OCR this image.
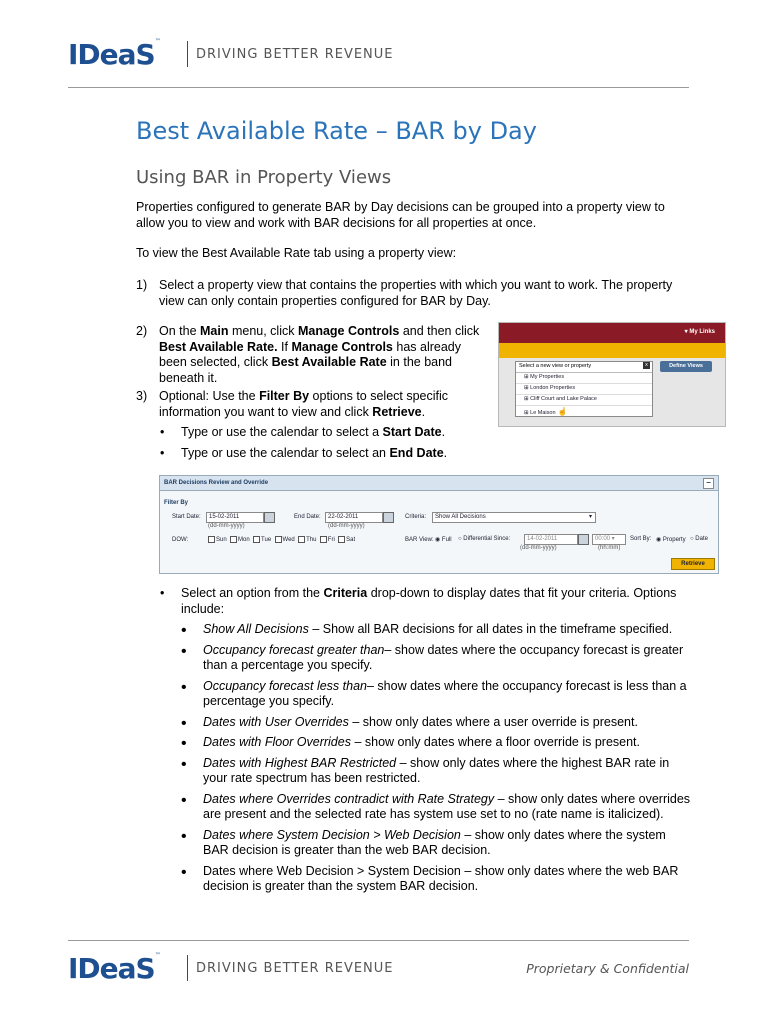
IDeaS™
DRIVING BETTER REVENUE
Best Available Rate – BAR by Day
Using BAR in Property Views

Properties configured to generate BAR by Day decisions can be grouped into a property view to allow you to view and work with BAR decisions for all properties at once.

To view the Best Available Rate tab using a property view:

1) Select a property view that contains the properties with which you want to work. The property view can only contain properties configured for BAR by Day.
2) On the Main menu, click Manage Controls and then click Best Available Rate. If Manage Controls has already been selected, click Best Available Rate in the band beneath it.
3) Optional: Use the Filter By options to select specific information you want to view and click Retrieve.
• Type or use the calendar to select a Start Date.
• Type or use the calendar to select an End Date.
▾ My Links
Select a new view or property	x
⊞ My Properties
⊞ London Properties
⊞ Cliff Court and Lake Palace
⊞ Le Maison ☝
Define Views
BAR Decisions Review and Override	−
Filter By
Start Date:	15-02-2011
(dd-mm-yyyy)
End Date:	22-02-2011
(dd-mm-yyyy)
Criteria:	Show All Decisions	▾
DOW:	Sun Mon Tue Wed Thu Fri Sat	BAR View: ◉ Full ○ Differential Since:	14-02-2011
(dd-mm-yyyy)
00:00 ▾
(hh:mm)
Sort By: ◉ Property ○ Date
Retrieve
• Select an option from the Criteria drop-down to display dates that fit your criteria. Options include:
• Show All Decisions – Show all BAR decisions for all dates in the timeframe specified.
• Occupancy forecast greater than– show dates where the occupancy forecast is greater than a percentage you specify.
• Occupancy forecast less than– show dates where the occupancy forecast is less than a percentage you specify.
• Dates with User Overrides – show only dates where a user override is present.
• Dates with Floor Overrides – show only dates where a floor override is present.
• Dates with Highest BAR Restricted – show only dates where the highest BAR rate in your rate spectrum has been restricted.
• Dates where Overrides contradict with Rate Strategy – show only dates where overrides are present and the selected rate has system use set to no (rate name is italicized).
• Dates where System Decision > Web Decision – show only dates where the system BAR decision is greater than the web BAR decision.
• Dates where Web Decision > System Decision – show only dates where the web BAR decision is greater than the system BAR decision.
IDeaS™
DRIVING BETTER REVENUE	Proprietary & Confidential
